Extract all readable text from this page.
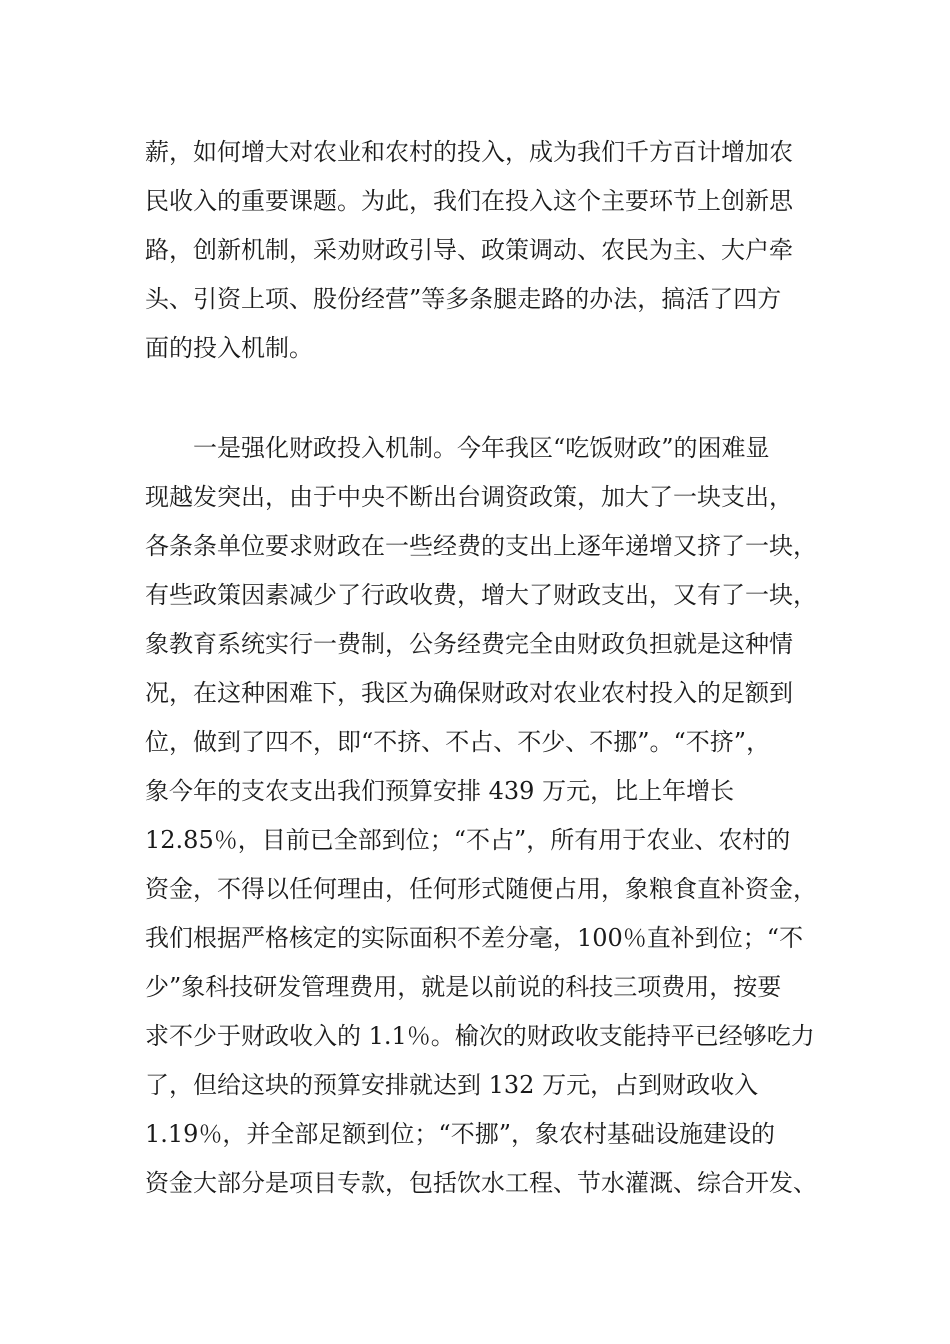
薪，如何增大对农业和农村的投入，成为我们千方百计增加农
民收入的重要课题。为此，我们在投入这个主要环节上创新思
路，创新机制，采劝财政引导、政策调动、农民为主、大户牵
头、引资上项、股份经营”等多条腿走路的办法，搞活了四方
面的投入机制。
一是强化财政投入机制。今年我区“吃饭财政”的困难显
现越发突出，由于中央不断出台调资政策，加大了一块支出，
各条条单位要求财政在一些经费的支出上逐年递增又挤了一块，
有些政策因素减少了行政收费，增大了财政支出，又有了一块，
象教育系统实行一费制，公务经费完全由财政负担就是这种情
况，在这种困难下，我区为确保财政对农业农村投入的足额到
位，做到了四不，即“不挤、不占、不少、不挪”。“不挤”，
象今年的支农支出我们预算安排 439 万元，比上年增长
12.85％，目前已全部到位；“不占”，所有用于农业、农村的
资金，不得以任何理由，任何形式随便占用，象粮食直补资金，
我们根据严格核定的实际面积不差分毫，100％直补到位；“不
少”象科技研发管理费用，就是以前说的科技三项费用，按要
求不少于财政收入的 1.1％。榆次的财政收支能持平已经够吃力
了，但给这块的预算安排就达到 132 万元，占到财政收入
1.19％，并全部足额到位；“不挪”，象农村基础设施建设的
资金大部分是项目专款，包括饮水工程、节水灌溉、综合开发、
